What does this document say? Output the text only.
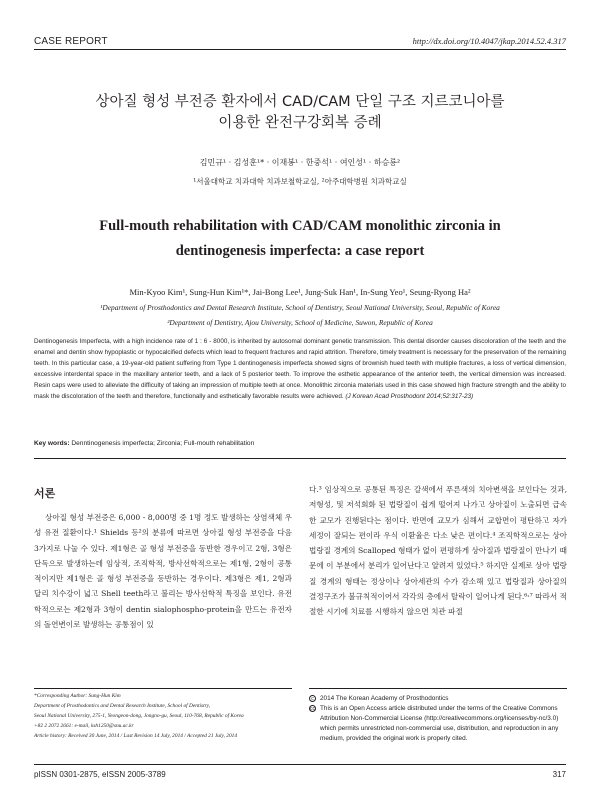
CASE REPORT	http://dx.doi.org/10.4047/jkap.2014.52.4.317
상아질 형성 부전증 환자에서 CAD/CAM 단일 구조 지르코니아를
이용한 완전구강회복 증례
김민규¹ · 김성훈¹* · 이재봉¹ · 한중석¹ · 여인성¹ · 하승룡²
¹서울대학교 치과대학 치과보철학교실, ²아주대학병원 치과학교실
Full-mouth rehabilitation with CAD/CAM monolithic zirconia in
dentinogenesis imperfecta: a case report
Min-Kyoo Kim¹, Sung-Hun Kim¹*, Jai-Bong Lee¹, Jung-Suk Han¹, In-Sung Yeo¹, Seung-Ryong Ha²
¹Department of Prosthodontics and Dental Research Institute, School of Dentistry, Seoul National University, Seoul, Republic of Korea
²Department of Dentistry, Ajou University, School of Medicine, Suwon, Republic of Korea
Dentinogenesis Imperfecta, with a high incidence rate of 1 : 6 - 8000, is inherited by autosomal dominant genetic transmission. This dental disorder causes discoloration of the teeth and the enamel and dentin show hypoplastic or hypocalcified defects which lead to frequent fractures and rapid attrition. Therefore, timely treatment is necessary for the preservation of the remaining teeth. In this particular case, a 19-year-old patient suffering from Type 1 dentinogenesis imperfecta showed signs of brownish hued teeth with multiple fractures, a loss of vertical dimension, excessive interdental space in the maxillary anterior teeth, and a lack of 5 posterior teeth. To improve the esthetic appearance of the anterior teeth, the vertical dimension was increased. Resin caps were used to alleviate the difficulty of taking an impression of multiple teeth at once. Monolithic zirconia materials used in this case showed high fracture strength and the ability to mask the discoloration of the teeth and therefore, functionally and esthetically favorable results were achieved. (J Korean Acad Prosthodont 2014;52:317-23)
Key words: Denntinogenesis imperfecta; Zirconia; Full-mouth rehabilitation
서론

상아질 형성 부전증은 6,000 - 8,000명 중 1명 정도 발생하는 상염색체 우성 유전 질환이다.¹ Shields 등²의 분류에 따르면 상아질 형성 부전증을 다음 3가지로 나눌 수 있다. 제1형은 골 형성 부전증을 동반한 경우이고 2형, 3형은 단독으로 발생하는데 임상적, 조직학적, 방사선학적으로는 제1형, 2형이 공통적이지만 제1형은 골 형성 부전증을 동반하는 경우이다. 제3형은 제1, 2형과 달리 치수강이 넓고 Shell teeth라고 불리는 방사선학적 특징을 보인다. 유전학적으로는 제2형과 3형이 dentin sialophospho-protein을 만드는 유전자의 돌연변이로 발생하는 공통점이 있

다.³ 임상적으로 공통된 특징은 갈색에서 푸른색의 치아변색을 보인다는 것과, 저형성, 및 저석회화 된 법랑질이 쉽게 떨어져 나가고 상아질이 노출되면 급속한 교모가 진행된다는 점이다. 반면에 교모가 심해서 교합면이 평탄하고 자가 세정이 잘되는 편이라 우식 이환율은 다소 낮은 편이다.⁴ 조직학적으로는 상아 법랑질 경계의 Scalloped 형태가 없이 편평하게 상아질과 법랑질이 만나기 때문에 이 부분에서 분리가 일어난다고 알려져 있었다.⁵ 하지만 실제로 상아 법랑질 경계의 형태는 정상이나 상아세관의 수가 감소해 있고 법랑질과 상아질의 결정구조가 불규칙적이어서 각각의 층에서 탈락이 일어나게 된다.⁶˒⁷ 따라서 적절한 시기에 치료를 시행하지 않으면 치관 파절

*Corresponding Author: Sung-Hun Kim
Department of Prosthodontics and Dental Research Institute, School of Dentistry,
Seoul National University, 275-1, Yeongeon-dong, Jongno-gu, Seoul, 110-768, Republic of Korea
+82 2 2072 2661: e-mail, ksh1250@snu.ac.kr
Article history: Received 30 June, 2014 / Last Revision 14 July, 2014 / Accepted 21 July, 2014
c 2014 The Korean Academy of Prosthodontics
cc This is an Open Access article distributed under the terms of the Creative Commons Attribution Non-Commercial License (http://creativecommons.org/licenses/by-nc/3.0) which permits unrestricted non-commercial use, distribution, and reproduction in any medium, provided the original work is properly cited.
pISSN 0301-2875, eISSN 2005-3789	317
